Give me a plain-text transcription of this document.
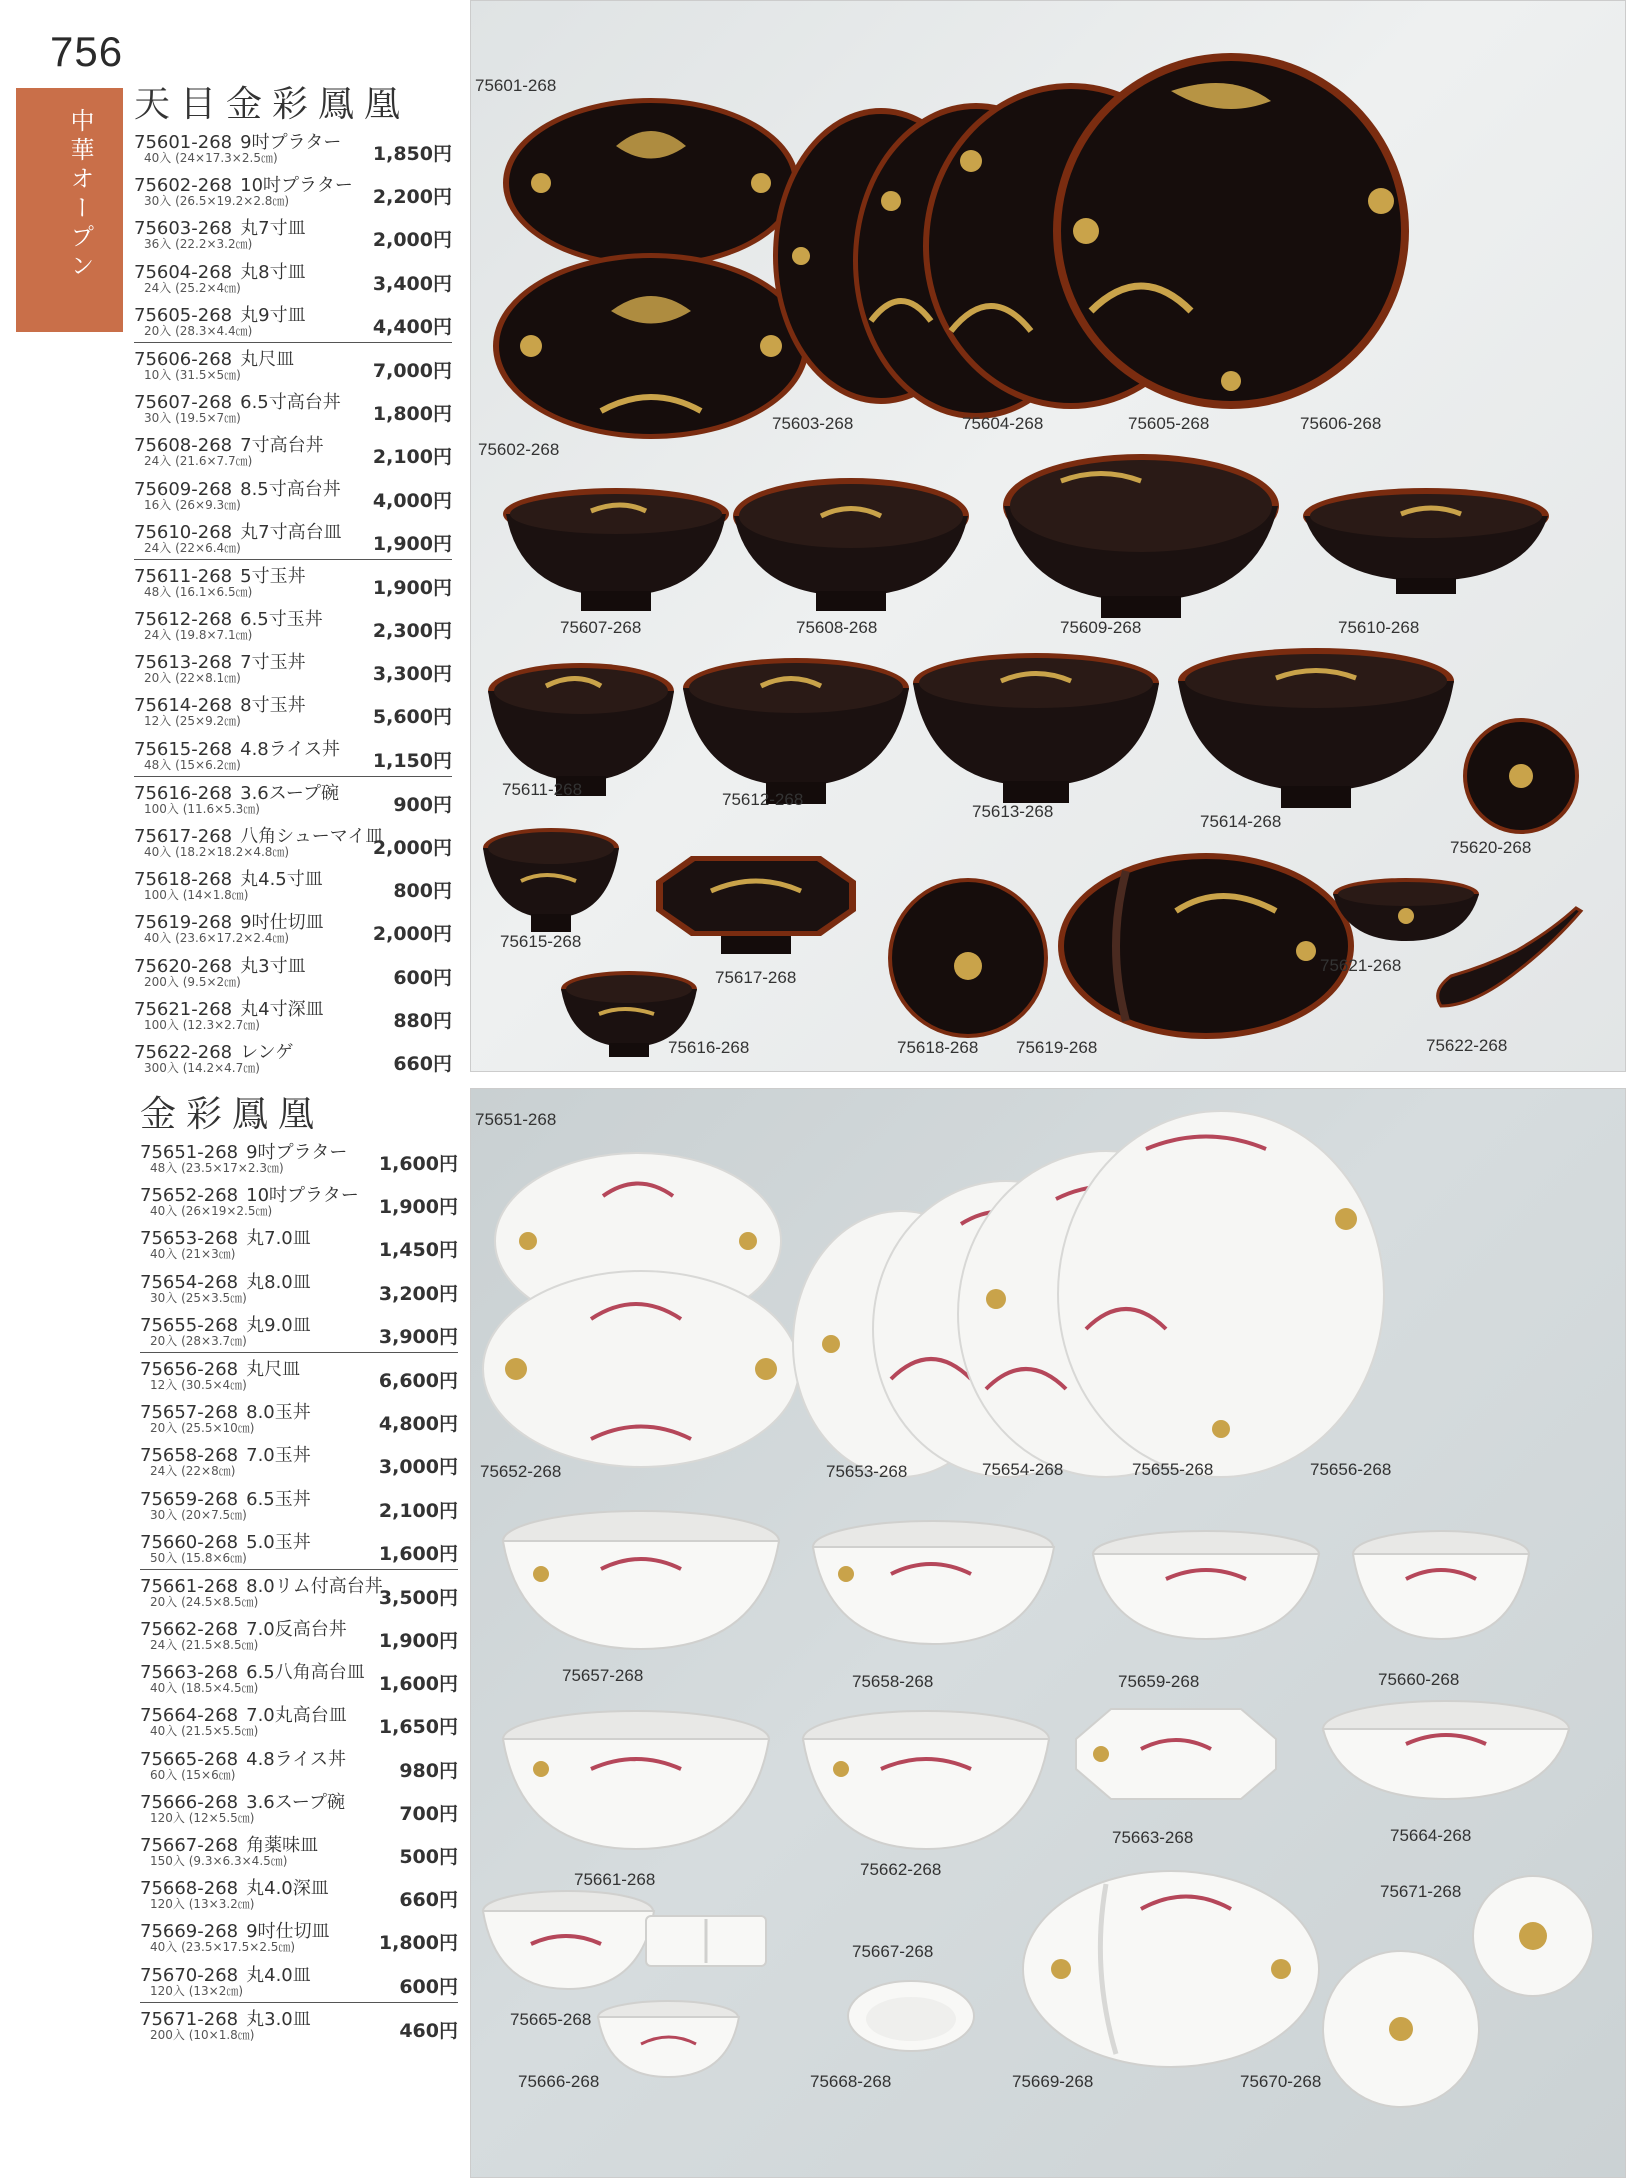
756
中華オープン
天目金彩鳳凰
75601-268 9吋プラター
40入 (24×17.3×2.5㎝)	1,850円
75602-268 10吋プラター
30入 (26.5×19.2×2.8㎝)	2,200円
75603-268 丸7寸皿
36入 (22.2×3.2㎝)	2,000円
75604-268 丸8寸皿
24入 (25.2×4㎝)	3,400円
75605-268 丸9寸皿
20入 (28.3×4.4㎝)	4,400円
75606-268 丸尺皿
10入 (31.5×5㎝)	7,000円
75607-268 6.5寸高台丼
30入 (19.5×7㎝)	1,800円
75608-268 7寸高台丼
24入 (21.6×7.7㎝)	2,100円
75609-268 8.5寸高台丼
16入 (26×9.3㎝)	4,000円
75610-268 丸7寸高台皿
24入 (22×6.4㎝)	1,900円
75611-268 5寸玉丼
48入 (16.1×6.5㎝)	1,900円
75612-268 6.5寸玉丼
24入 (19.8×7.1㎝)	2,300円
75613-268 7寸玉丼
20入 (22×8.1㎝)	3,300円
75614-268 8寸玉丼
12入 (25×9.2㎝)	5,600円
75615-268 4.8ライス丼
48入 (15×6.2㎝)	1,150円
75616-268 3.6スープ碗
100入 (11.6×5.3㎝)	900円
75617-268 八角シューマイ皿
40入 (18.2×18.2×4.8㎝)	2,000円
75618-268 丸4.5寸皿
100入 (14×1.8㎝)	800円
75619-268 9吋仕切皿
40入 (23.6×17.2×2.4㎝)	2,000円
75620-268 丸3寸皿
200入 (9.5×2㎝)	600円
75621-268 丸4寸深皿
100入 (12.3×2.7㎝)	880円
75622-268 レンゲ
300入 (14.2×4.7㎝)	660円
金彩鳳凰
75651-268 9吋プラター
48入 (23.5×17×2.3㎝)	1,600円
75652-268 10吋プラター
40入 (26×19×2.5㎝)	1,900円
75653-268 丸7.0皿
40入 (21×3㎝)	1,450円
75654-268 丸8.0皿
30入 (25×3.5㎝)	3,200円
75655-268 丸9.0皿
20入 (28×3.7㎝)	3,900円
75656-268 丸尺皿
12入 (30.5×4㎝)	6,600円
75657-268 8.0玉丼
20入 (25.5×10㎝)	4,800円
75658-268 7.0玉丼
24入 (22×8㎝)	3,000円
75659-268 6.5玉丼
30入 (20×7.5㎝)	2,100円
75660-268 5.0玉丼
50入 (15.8×6㎝)	1,600円
75661-268 8.0リム付高台丼
20入 (24.5×8.5㎝)	3,500円
75662-268 7.0反高台丼
24入 (21.5×8.5㎝)	1,900円
75663-268 6.5八角高台皿
40入 (18.5×4.5㎝)	1,600円
75664-268 7.0丸高台皿
40入 (21.5×5.5㎝)	1,650円
75665-268 4.8ライス丼
60入 (15×6㎝)	980円
75666-268 3.6スープ碗
120入 (12×5.5㎝)	700円
75667-268 角薬味皿
150入 (9.3×6.3×4.5㎝)	500円
75668-268 丸4.0深皿
120入 (13×3.2㎝)	660円
75669-268 9吋仕切皿
40入 (23.5×17.5×2.5㎝)	1,800円
75670-268 丸4.0皿
120入 (13×2㎝)	600円
75671-268 丸3.0皿
200入 (10×1.8㎝)	460円
75601-268
75602-268
75603-268	75604-268	75605-268	75606-268
75607-268	75608-268	75609-268	75610-268
75611-268
75612-268
75613-268
75614-268
75620-268
75615-268
75617-268
75616-268	75618-268 75619-268
75621-268
75622-268
75651-268
75652-268	75653-268	75654-268	75655-268	75656-268
75657-268	75658-268	75659-268	75660-268
75661-268
75662-268
75663-268	75664-268
75671-268
75667-268
75665-268
75666-268	75668-268	75669-268	75670-268
